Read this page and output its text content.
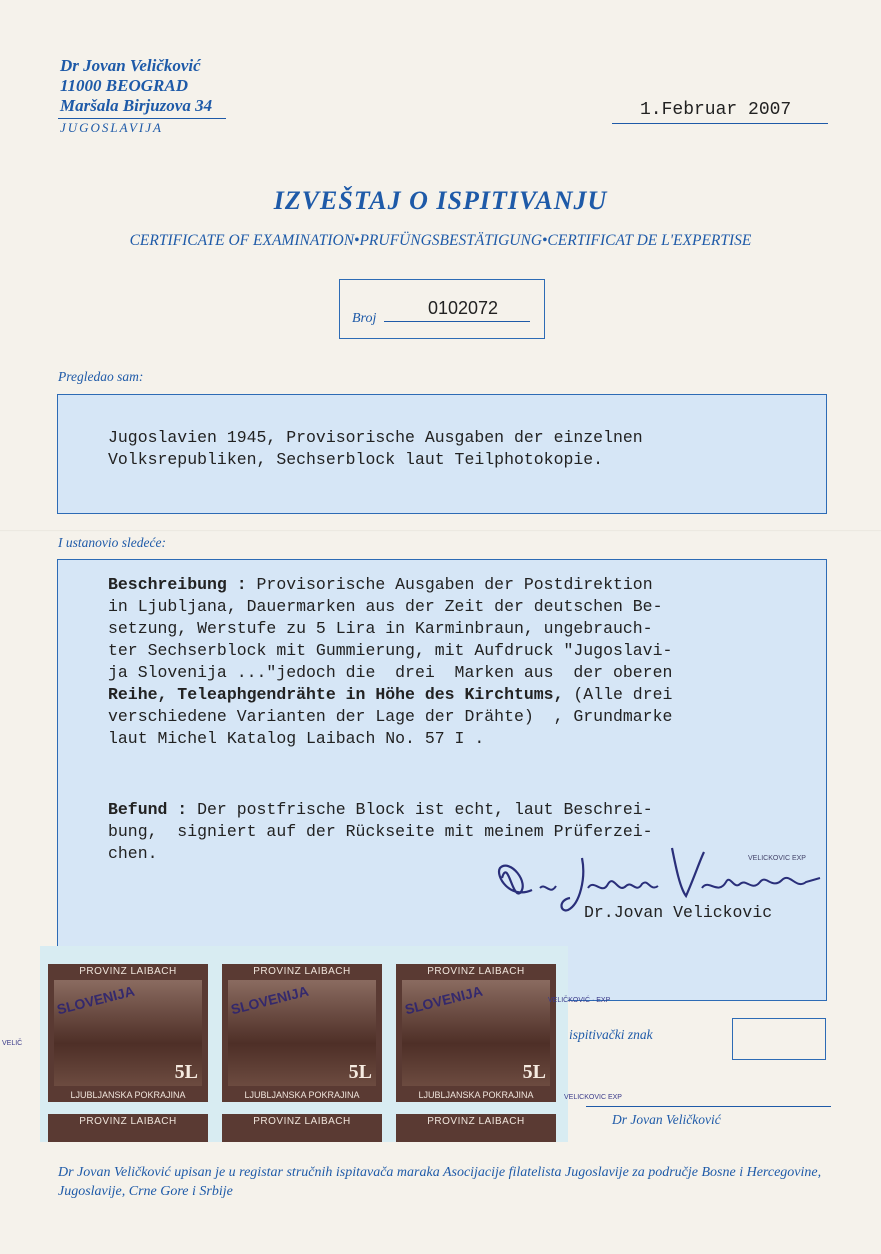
Dr Jovan Veličković
11000 BEOGRAD
Maršala Birjuzova 34
JUGOSLAVIJA
1.Februar 2007
IZVEŠTAJ O ISPITIVANJU
CERTIFICATE OF EXAMINATION•PRUFÜNGSBESTÄTIGUNG•CERTIFICAT DE L'EXPERTISE
Broj
0102072
Pregledao sam:
Jugoslavien 1945, Provisorische Ausgaben der einzelnen
Volksrepubliken, Sechserblock laut Teilphotokopie.
I ustanovio sledeće:
Beschreibung : Provisorische Ausgaben der Postdirektion
in Ljubljana, Dauermarken aus der Zeit der deutschen Be-
setzung, Werstufe zu 5 Lira in Karminbraun, ungebrauch-
ter Sechserblock mit Gummierung, mit Aufdruck "Jugoslavi-
ja Slovenija ..."jedoch die  drei  Marken aus  der oberen
Reihe, Teleaphgendrähte in Höhe des Kirchtums, (Alle drei
verschiedene Varianten der Lage der Drähte)  , Grundmarke
laut Michel Katalog Laibach No. 57 I .
Befund : Der postfrische Block ist echt, laut Beschrei-
bung,  signiert auf der Rückseite mit meinem Prüferzei-
chen.
Dr.Jovan Velickovic
VELICKOVIC EXP
PROVINZ LAIBACH
SLOVENIJA
5L
LJUBLJANSKA POKRAJINA
PROVINZ LAIBACH
SLOVENIJA
5L
LJUBLJANSKA POKRAJINA
PROVINZ LAIBACH
SLOVENIJA
5L
LJUBLJANSKA POKRAJINA
PROVINZ LAIBACH	PROVINZ LAIBACH	PROVINZ LAIBACH
VELIČ
VELIČKOVIĆ · EXP
VELICKOVIC EXP
ispitivački znak
Dr Jovan Veličković
Dr Jovan Veličković upisan je u registar stručnih ispitavača maraka Asocijacije filatelista Jugoslavije za područje Bosne i Hercegovine, Jugoslavije, Crne Gore i Srbije
